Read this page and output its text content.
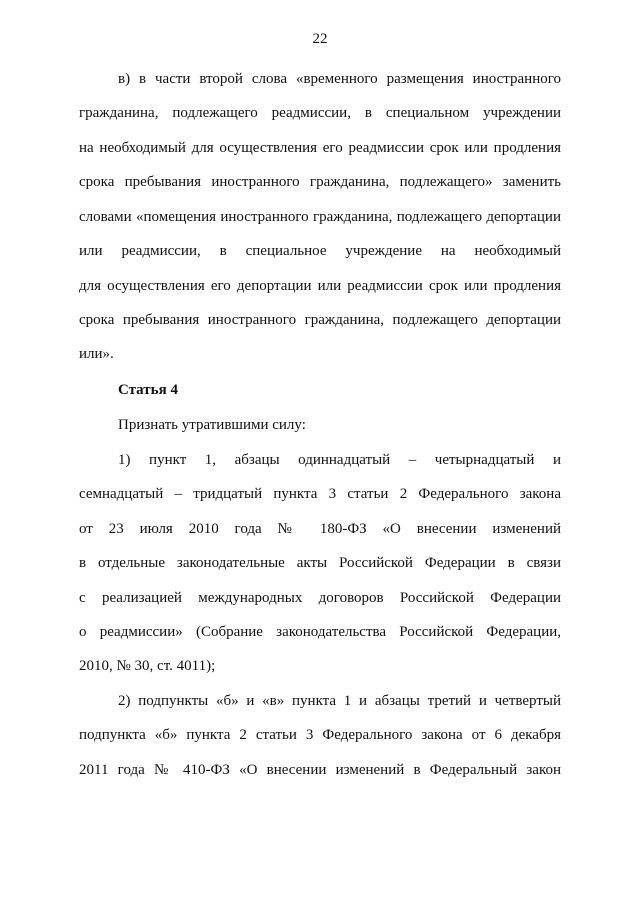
22
в) в части второй слова «временного размещения иностранного
гражданина, подлежащего реадмиссии, в специальном учреждении
на необходимый для осуществления его реадмиссии срок или продления
срока пребывания иностранного гражданина, подлежащего» заменить
словами «помещения иностранного гражданина, подлежащего депортации
или реадмиссии, в специальное учреждение на необходимый
для осуществления его депортации или реадмиссии срок или продления
срока пребывания иностранного гражданина, подлежащего депортации
или».
Статья 4
Признать утратившими силу:
1) пункт 1, абзацы одиннадцатый – четырнадцатый и
семнадцатый – тридцатый пункта 3 статьи 2 Федерального закона
от 23 июля 2010 года № 180-ФЗ «О внесении изменений
в отдельные законодательные акты Российской Федерации в связи
с реализацией международных договоров Российской Федерации
о реадмиссии» (Собрание законодательства Российской Федерации,
2010, № 30, ст. 4011);
2) подпункты «б» и «в» пункта 1 и абзацы третий и четвертый
подпункта «б» пункта 2 статьи 3 Федерального закона от 6 декабря
2011 года № 410-ФЗ «О внесении изменений в Федеральный закон
